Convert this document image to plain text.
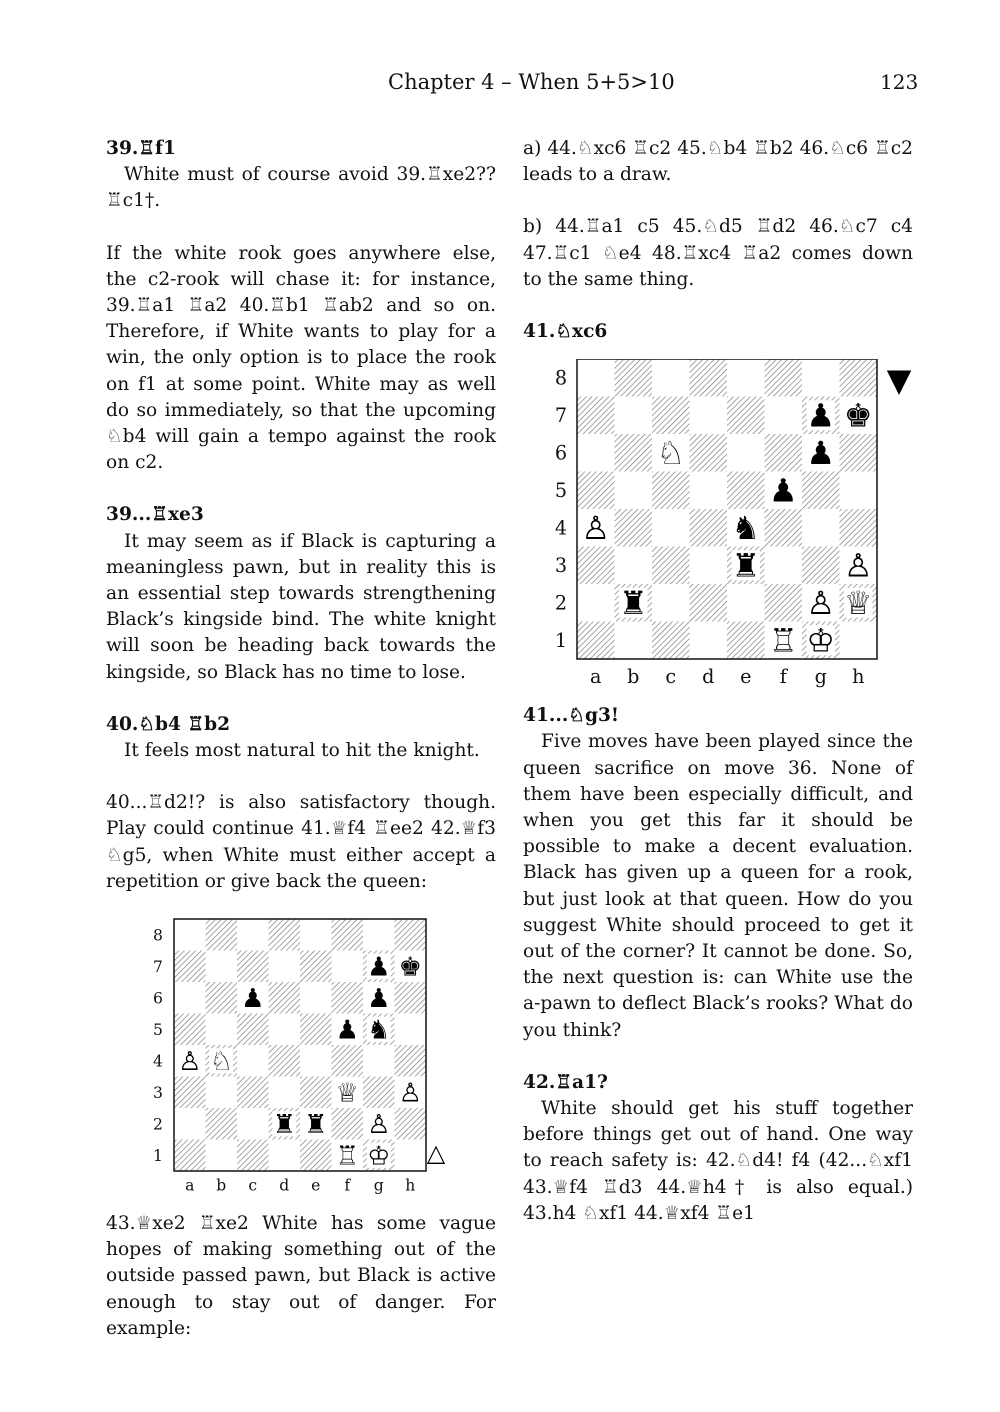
Chapter 4 – When 5+5>10	123
39.♖f1

White must of course avoid 39.♖xe2?? ♖c1†.

If the white rook goes anywhere else, the c2-rook will chase it: for instance, 39.♖a1 ♖a2 40.♖b1 ♖ab2 and so on. Therefore, if White wants to play for a win, the only option is to place the rook on f1 at some point. White may as well do so immediately, so that the upcoming ♘b4 will gain a tempo against the rook on c2.

39...♖xe3

It may seem as if Black is capturing a meaningless pawn, but in reality this is an essential step towards strengthening Black’s kingside bind. The white knight will soon be heading back towards the kingside, so Black has no time to lose.

40.♘b4 ♖b2

It feels most natural to hit the knight.

40...♖d2!? is also satisfactory though. Play could continue 41.♕f4 ♖ee2 42.♕f3 ♘g5, when White must either accept a repetition or give back the queen:

8
7
6
5
4
3
2
1
a b c d e f g h
♟ ♚
♟	♟
♟ ♞
♙ ♘
♕ ♙
♜ ♜ ♙
♖ ♔ △

43.♕xe2 ♖xe2 White has some vague hopes of making something out of the outside passed pawn, but Black is active enough to stay out of danger. For example:

a) 44.♘xc6 ♖c2 45.♘b4 ♖b2 46.♘c6 ♖c2 leads to a draw.

b) 44.♖a1 c5 45.♘d5 ♖d2 46.♘c7 c4 47.♖c1 ♘e4 48.♖xc4 ♖a2 comes down to the same thing.

41.♘xc6
8
7
6
5
4
3
2
1
a b c d e f g h
♟ ♚
♘	♟
♟
♙	♞
♜	♙
♜	♙ ♕
♖ ♔
▼
41...♘g3!

Five moves have been played since the queen sacrifice on move 36. None of them have been especially difficult, and when you get this far it should be possible to make a decent evaluation. Black has given up a queen for a rook, but just look at that queen. How do you suggest White should proceed to get it out of the corner? It cannot be done. So, the next question is: can White use the a-pawn to deflect Black’s rooks? What do you think?

42.♖a1?

White should get his stuff together before things get out of hand. One way to reach safety is: 42.♘d4! f4 (42...♘xf1 43.♕f4 ♖d3 44.♕h4† is also equal.) 43.h4 ♘xf1 44.♕xf4 ♖e1
